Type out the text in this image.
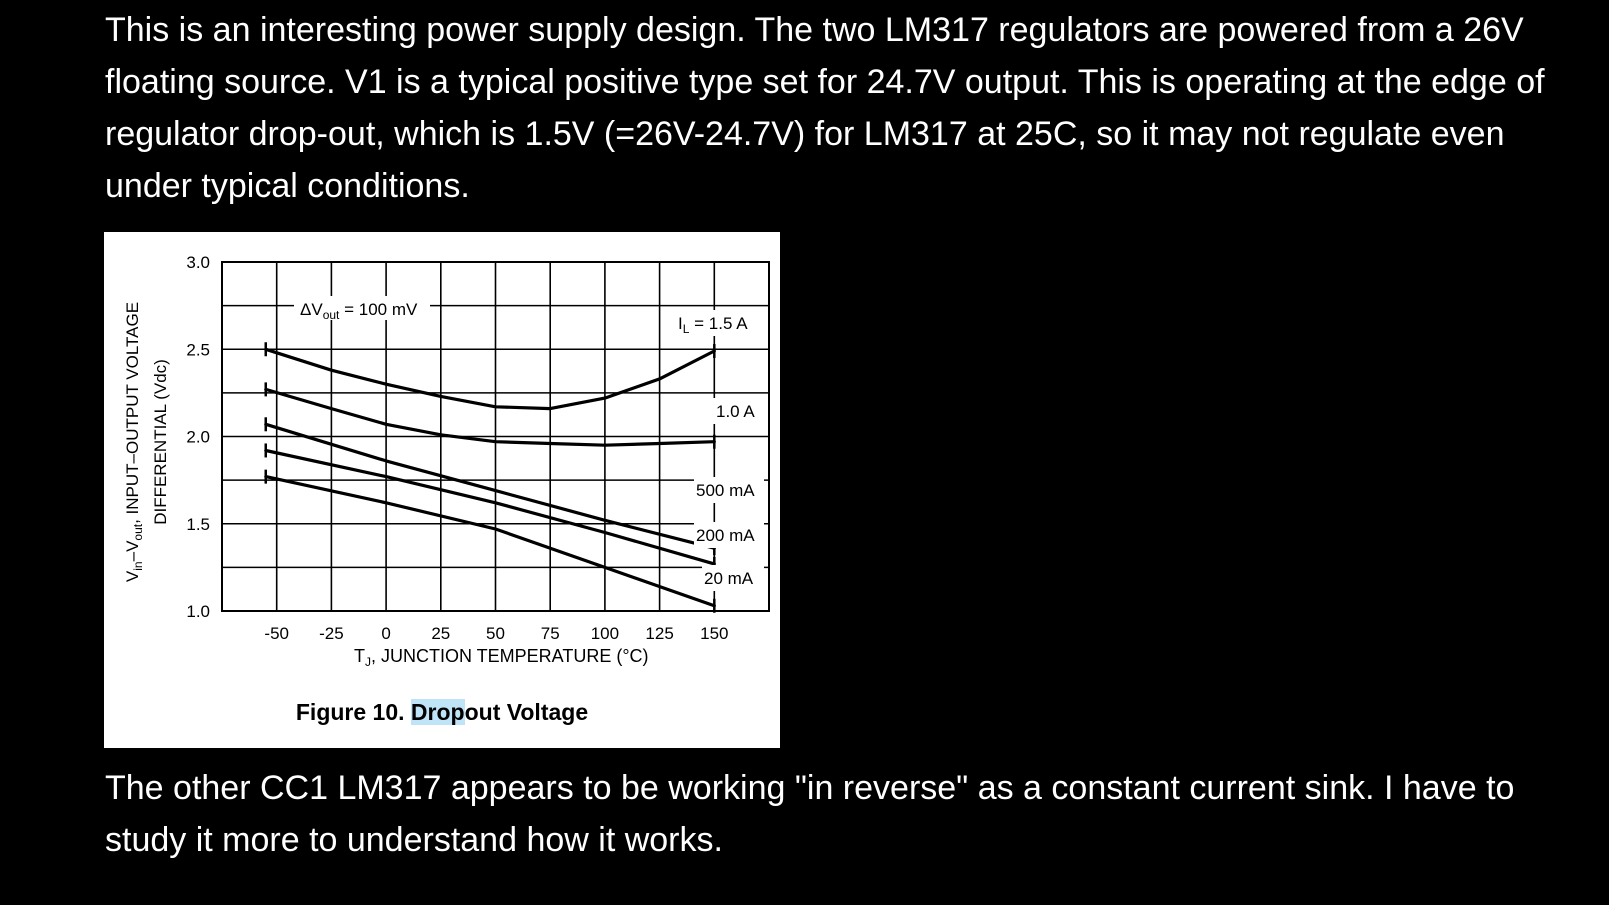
This is an interesting power supply design. The two LM317 regulators are powered from a 26V floating source. V1 is a typical positive type set for 24.7V output. This is operating at the edge of regulator drop-out, which is 1.5V (=26V-24.7V) for LM317 at 25C, so it may not regulate even under typical conditions.

-50 -25 0 25 50 75 100 125 150
1.0
1.5
2.0
2.5
3.0
$\Delta V_{out} = 100$ mV
$I_L = 1.5$ A
1.0 A
500 mA
200 mA
20 mA
$T_J$, JUNCTION TEMPERATURE (°C)
$V_{in}-V_{out}$, INPUT–OUTPUT VOLTAGE DIFFERENTIAL (Vdc)
Figure 10. Dropout Voltage

The other CC1 LM317 appears to be working "in reverse" as a constant current sink. I have to study it more to understand how it works.
